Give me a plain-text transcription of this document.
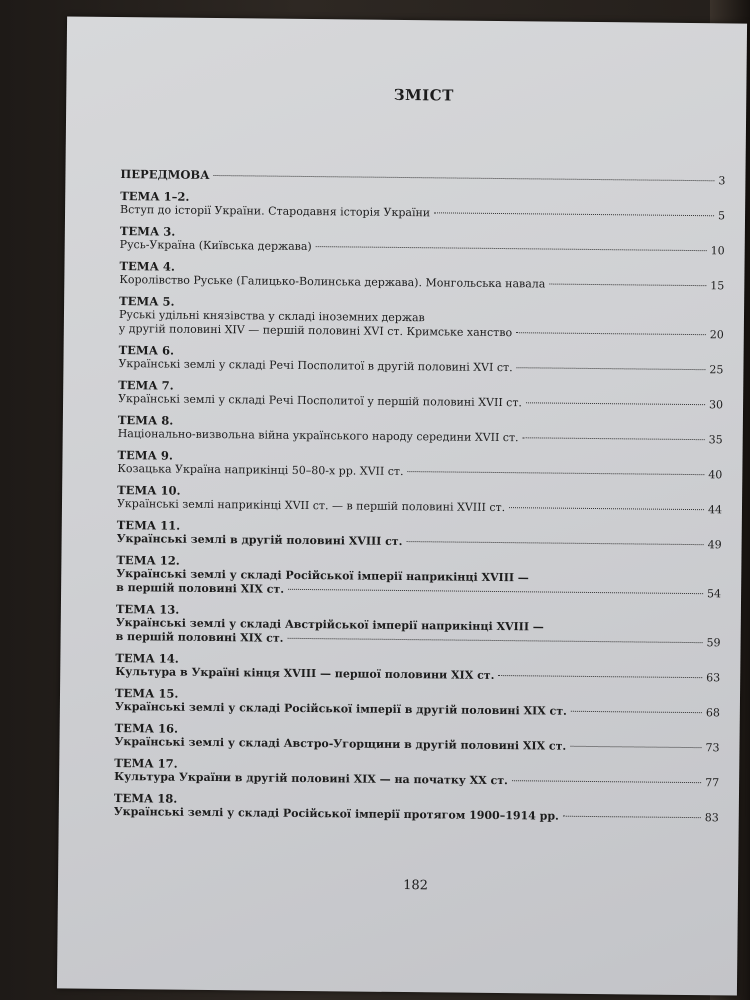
ЗМІСТ
ПЕРЕДМОВА	3
ТЕМА 1–2.
Вступ до історії України. Стародавня історія України	5
ТЕМА 3.
Русь-Україна (Київська держава)	10
ТЕМА 4.
Королівство Руське (Галицько-Волинська держава). Монгольська навала	15
ТЕМА 5.
Руські удільні князівства у складі іноземних держав
у другій половині XIV — першій половині XVI ст. Кримське ханство	20
ТЕМА 6.
Українські землі у складі Речі Посполитої в другій половині XVI ст.	25
ТЕМА 7.
Українські землі у складі Речі Посполитої у першій половині XVII ст.	30
ТЕМА 8.
Національно-визвольна війна українського народу середини XVII ст.	35
ТЕМА 9.
Козацька Україна наприкінці 50–80-х рр. XVII ст.	40
ТЕМА 10.
Українські землі наприкінці XVII ст. — в першій половині XVIII ст.	44
ТЕМА 11.
Українські землі в другій половині XVIII ст.	49
ТЕМА 12.
Українські землі у складі Російської імперії наприкінці XVIII —
в першій половині XIX ст.	54
ТЕМА 13.
Українські землі у складі Австрійської імперії наприкінці XVIII —
в першій половині XIX ст.	59
ТЕМА 14.
Культура в Україні кінця XVIII — першої половини XIX ст.	63
ТЕМА 15.
Українські землі у складі Російської імперії в другій половині XIX ст.	68
ТЕМА 16.
Українські землі у складі Австро-Угорщини в другій половині XIX ст.	73
ТЕМА 17.
Культура України в другій половині XIX — на початку XX ст.	77
ТЕМА 18.
Українські землі у складі Російської імперії протягом 1900–1914 рр.	83
182
